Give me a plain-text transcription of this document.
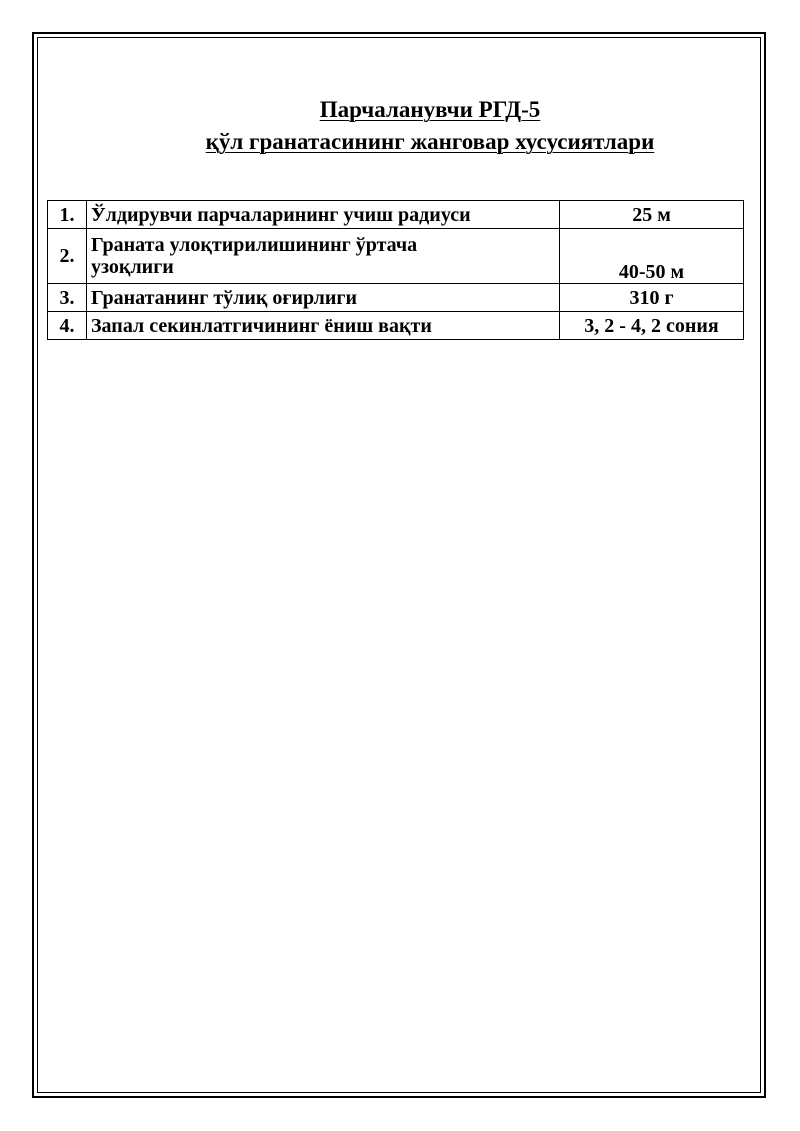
Парчаланувчи РГД-5
қўл гранатасининг жанговар хусусиятлари
1.	Ўлдирувчи парчаларининг учиш радиуси	25 м
2.	Граната улоқтирилишининг ўртача
узоқлиги	40-50 м
3.	Гранатанинг тўлиқ оғирлиги	310 г
4.	Запал секинлатгичининг ёниш вақти	3, 2 - 4, 2 сония
